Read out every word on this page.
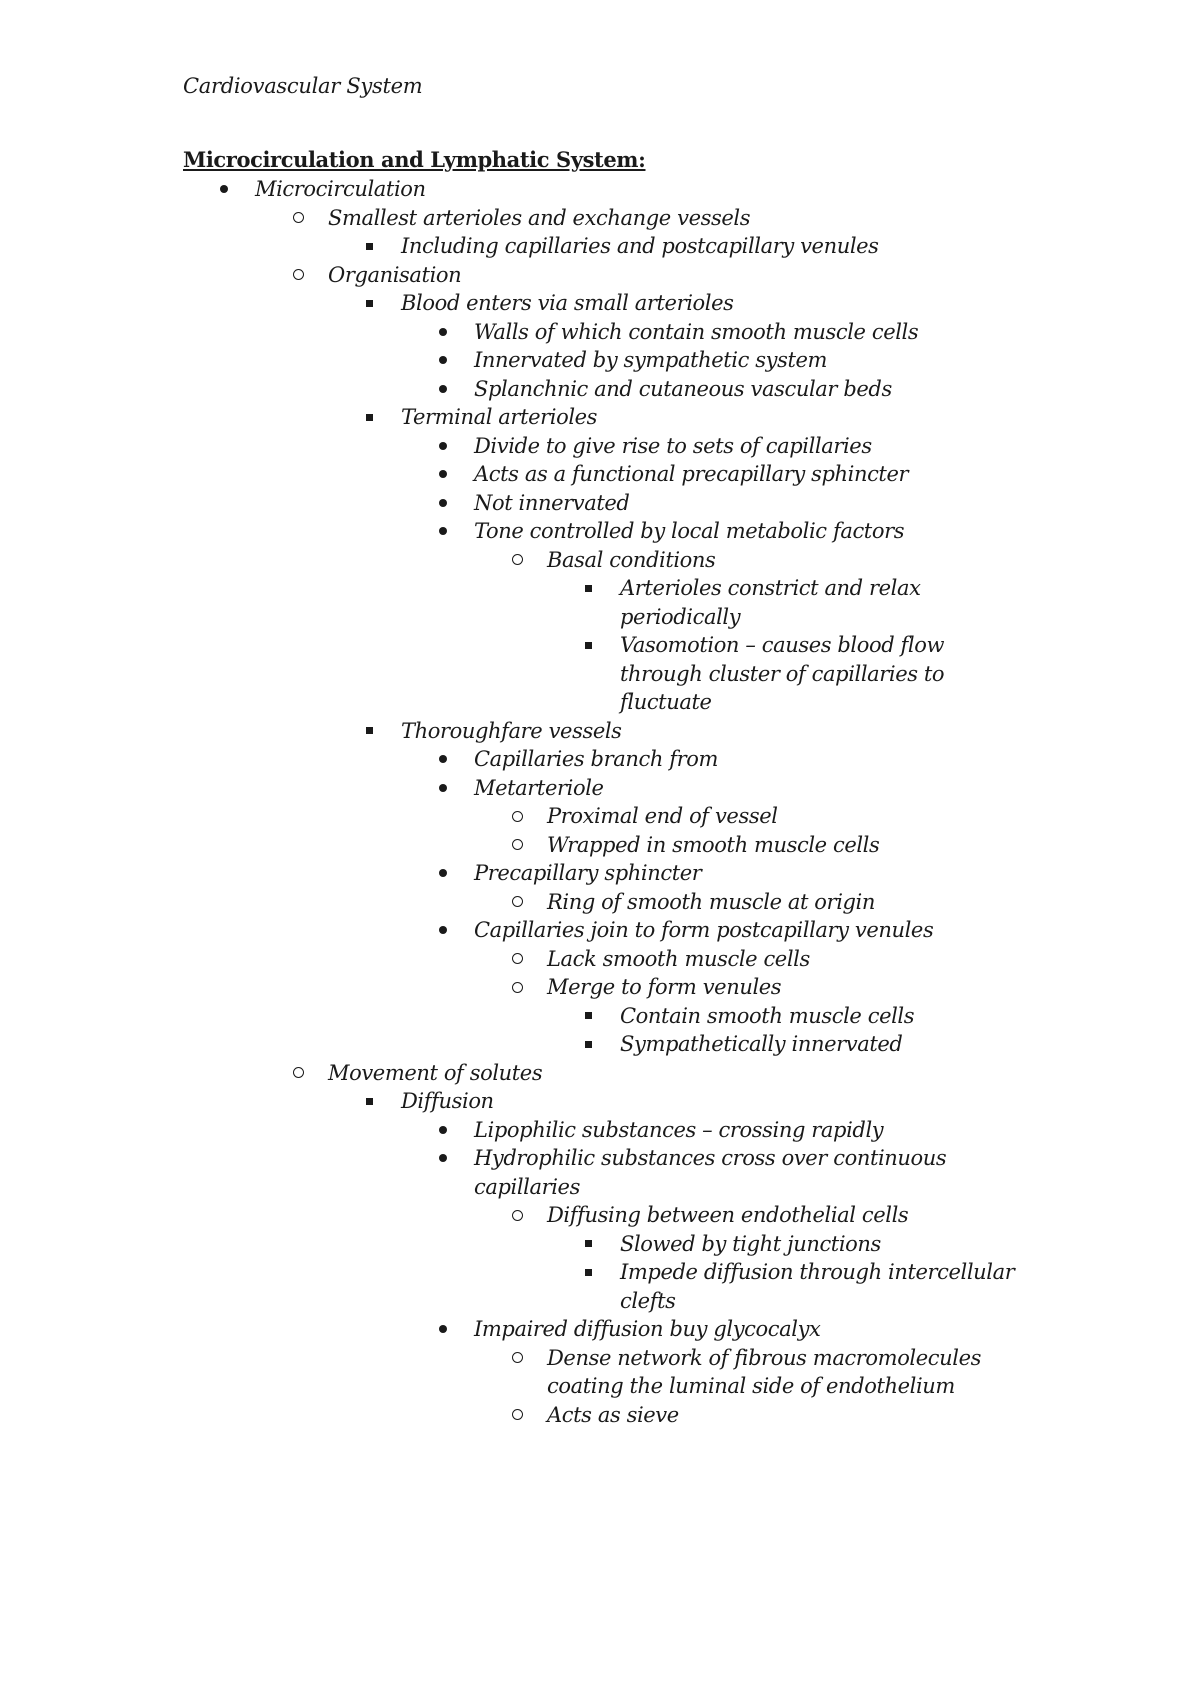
Cardiovascular System
Microcirculation and Lymphatic System:
Microcirculation
Smallest arterioles and exchange vessels
Including capillaries and postcapillary venules
Organisation
Blood enters via small arterioles
Walls of which contain smooth muscle cells
Innervated by sympathetic system
Splanchnic and cutaneous vascular beds
Terminal arterioles
Divide to give rise to sets of capillaries
Acts as a functional precapillary sphincter
Not innervated
Tone controlled by local metabolic factors
Basal conditions
Arterioles constrict and relax
periodically
Vasomotion – causes blood flow
through cluster of capillaries to
fluctuate
Thoroughfare vessels
Capillaries branch from
Metarteriole
Proximal end of vessel
Wrapped in smooth muscle cells
Precapillary sphincter
Ring of smooth muscle at origin
Capillaries join to form postcapillary venules
Lack smooth muscle cells
Merge to form venules
Contain smooth muscle cells
Sympathetically innervated
Movement of solutes
Diffusion
Lipophilic substances – crossing rapidly
Hydrophilic substances cross over continuous
capillaries
Diffusing between endothelial cells
Slowed by tight junctions
Impede diffusion through intercellular
clefts
Impaired diffusion buy glycocalyx
Dense network of fibrous macromolecules
coating the luminal side of endothelium
Acts as sieve
